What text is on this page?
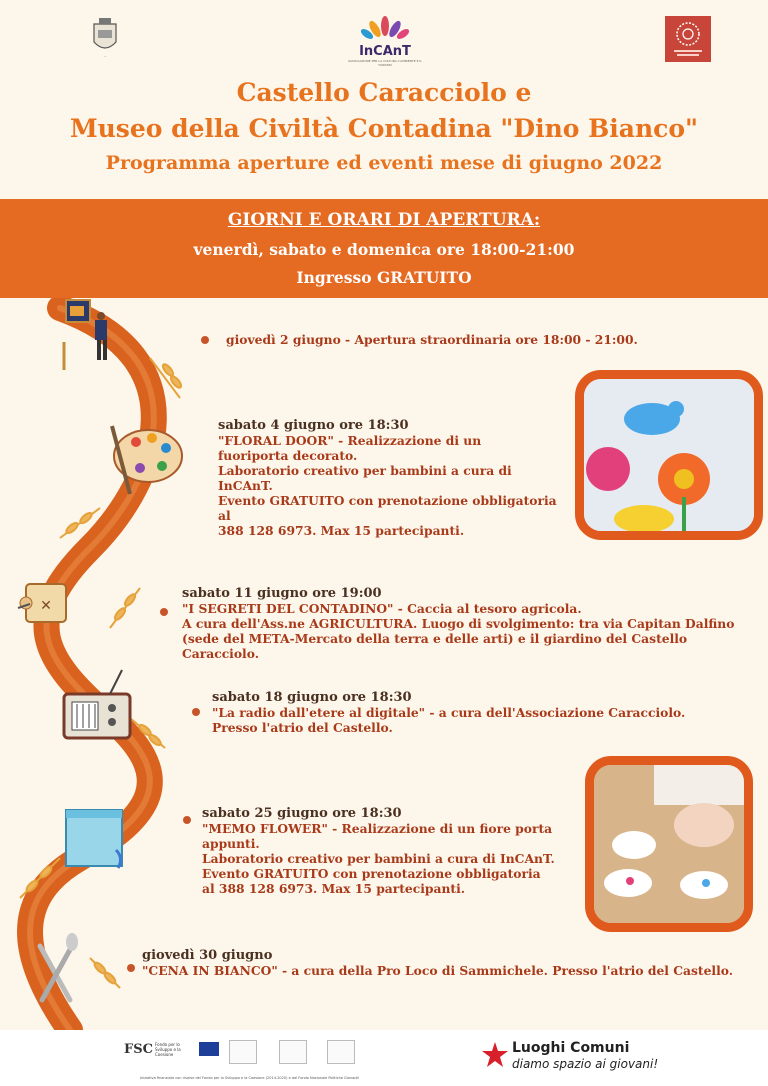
—	InCAnT
ASSOCIAZIONE PER LA CULTURA L'AMBIENTE E IL TURISMO
Castello Caracciolo e
Museo della Civiltà Contadina "Dino Bianco"
Programma aperture ed eventi mese di giugno 2022
GIORNI E ORARI DI APERTURA:
venerdì, sabato e domenica ore 18:00-21:00
Ingresso GRATUITO
✕
giovedì 2 giugno - Apertura straordinaria ore 18:00 - 21:00.
sabato 4 giugno ore 18:30
"FLORAL DOOR" - Realizzazione di un
fuoriporta decorato.
Laboratorio creativo per bambini a cura di
InCAnT.
Evento GRATUITO con prenotazione obbligatoria al
388 128 6973. Max 15 partecipanti.
sabato 11 giugno ore 19:00
"I SEGRETI DEL CONTADINO" - Caccia al tesoro agricola.
A cura dell'Ass.ne AGRICULTURA. Luogo di svolgimento: tra via Capitan Dalfino
(sede del META-Mercato della terra e delle arti) e il giardino del Castello
Caracciolo.
sabato 18 giugno ore 18:30
"La radio dall'etere al digitale" - a cura dell'Associazione Caracciolo.
Presso l'atrio del Castello.
sabato 25 giugno ore 18:30
"MEMO FLOWER" - Realizzazione di un fiore porta
appunti.
Laboratorio creativo per bambini a cura di InCAnT.
Evento GRATUITO con prenotazione obbligatoria
al 388 128 6973. Max 15 partecipanti.
giovedì 30 giugno
"CENA IN BIANCO" - a cura della Pro Loco di Sammichele. Presso l'atrio del Castello.
FSC Fondo per lo Sviluppo e la Coesione	Luoghi Comuni
diamo spazio ai giovani!
Iniziativa finanziata con risorse del Fondo per lo Sviluppo e la Coesione (2014-2020) e dal Fondo Nazionale Politiche Giovanili
